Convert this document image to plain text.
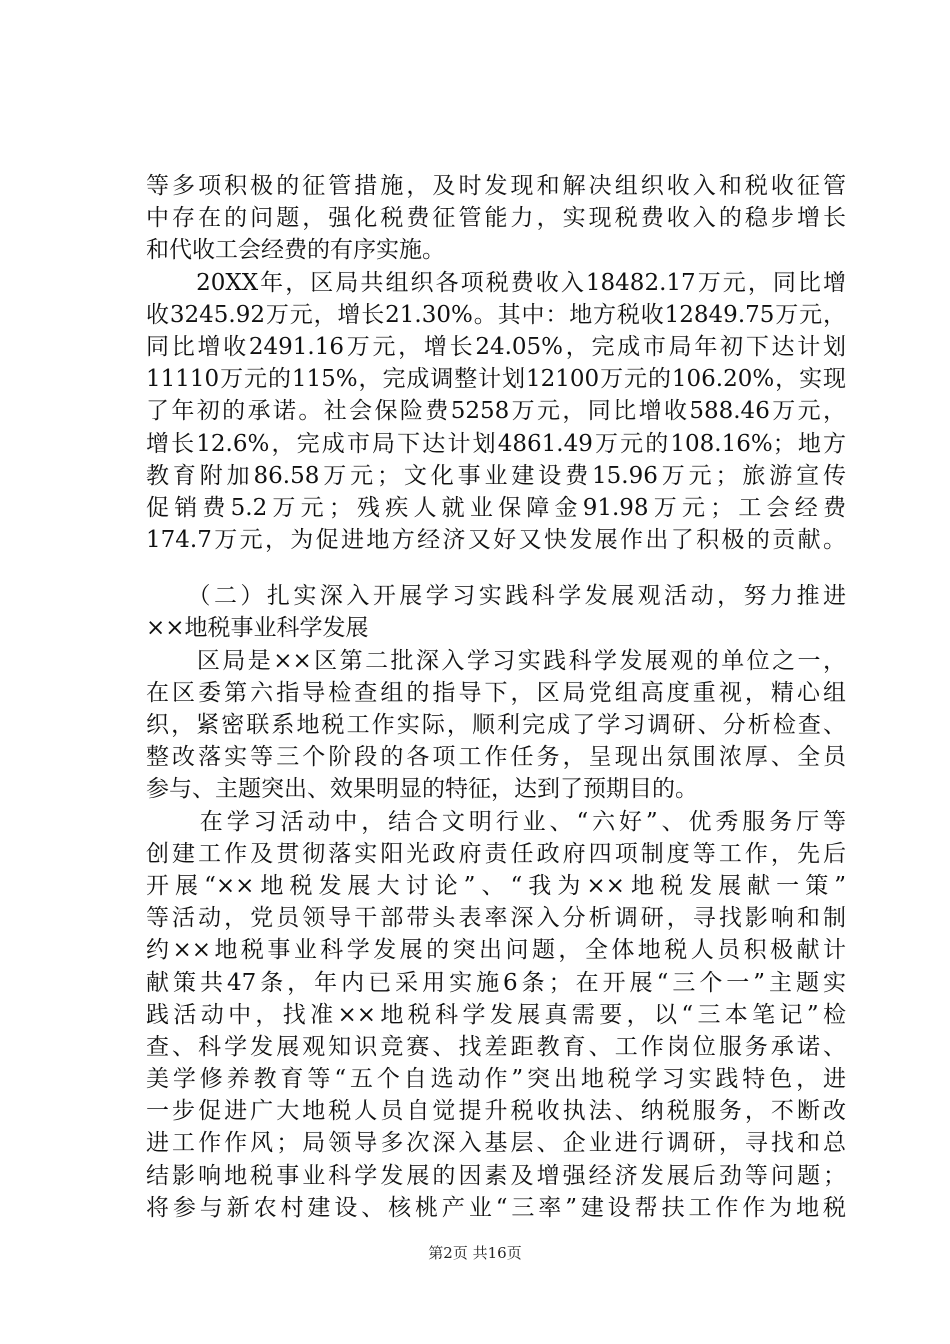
等多项积极的征管措施，及时发现和解决组织收入和税收征管
中存在的问题，强化税费征管能力，实现税费收入的稳步增长
和代收工会经费的有序实施。
　　20XX年，区局共组织各项税费收入18482.17万元，同比增
收3245.92万元，增长21.30%。其中：地方税收12849.75万元，
同比增收2491.16万元，增长24.05%，完成市局年初下达计划
11110万元的115%，完成调整计划12100万元的106.20%，实现
了年初的承诺。社会保险费5258万元，同比增收588.46万元，
增长12.6%，完成市局下达计划4861.49万元的108.16%；地方
教育附加86.58万元；文化事业建设费15.96万元；旅游宣传
促销费5.2万元；残疾人就业保障金91.98万元；工会经费
174.7万元，为促进地方经济又好又快发展作出了积极的贡献。
　　（二）扎实深入开展学习实践科学发展观活动，努力推进
××地税事业科学发展
　　区局是××区第二批深入学习实践科学发展观的单位之一，
在区委第六指导检查组的指导下，区局党组高度重视，精心组
织，紧密联系地税工作实际，顺利完成了学习调研、分析检查、
整改落实等三个阶段的各项工作任务，呈现出氛围浓厚、全员
参与、主题突出、效果明显的特征，达到了预期目的。
　　在学习活动中，结合文明行业、“六好”、优秀服务厅等
创建工作及贯彻落实阳光政府责任政府四项制度等工作，先后
开展“××地税发展大讨论”、“我为××地税发展献一策”
等活动，党员领导干部带头表率深入分析调研，寻找影响和制
约××地税事业科学发展的突出问题，全体地税人员积极献计
献策共47条，年内已采用实施6条；在开展“三个一”主题实
践活动中，找准××地税科学发展真需要，以“三本笔记”检
查、科学发展观知识竞赛、找差距教育、工作岗位服务承诺、
美学修养教育等“五个自选动作”突出地税学习实践特色，进
一步促进广大地税人员自觉提升税收执法、纳税服务，不断改
进工作作风；局领导多次深入基层、企业进行调研，寻找和总
结影响地税事业科学发展的因素及增强经济发展后劲等问题；
将参与新农村建设、核桃产业“三率”建设帮扶工作作为地税
第2页 共16页
